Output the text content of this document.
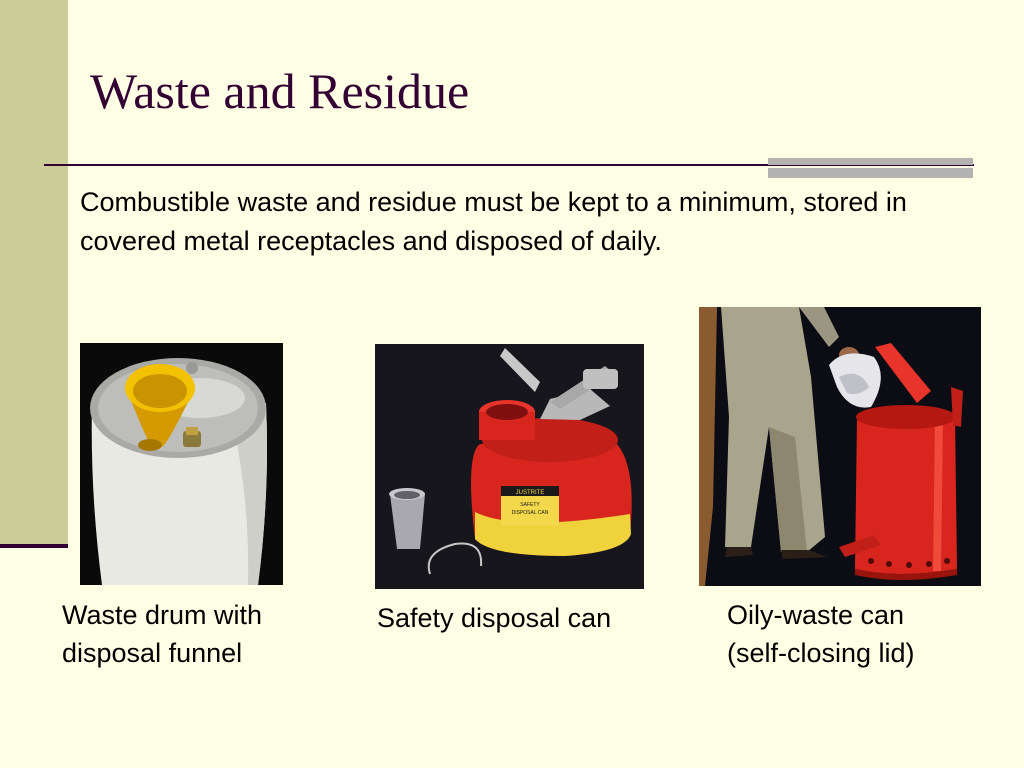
Waste and Residue
Combustible waste and residue must be kept to a minimum, stored in covered metal receptacles and disposed of daily.
JUSTRITE
SAFETY
DISPOSAL CAN
Waste drum with
disposal funnel
Safety disposal can	Oily-waste can
(self-closing lid)
